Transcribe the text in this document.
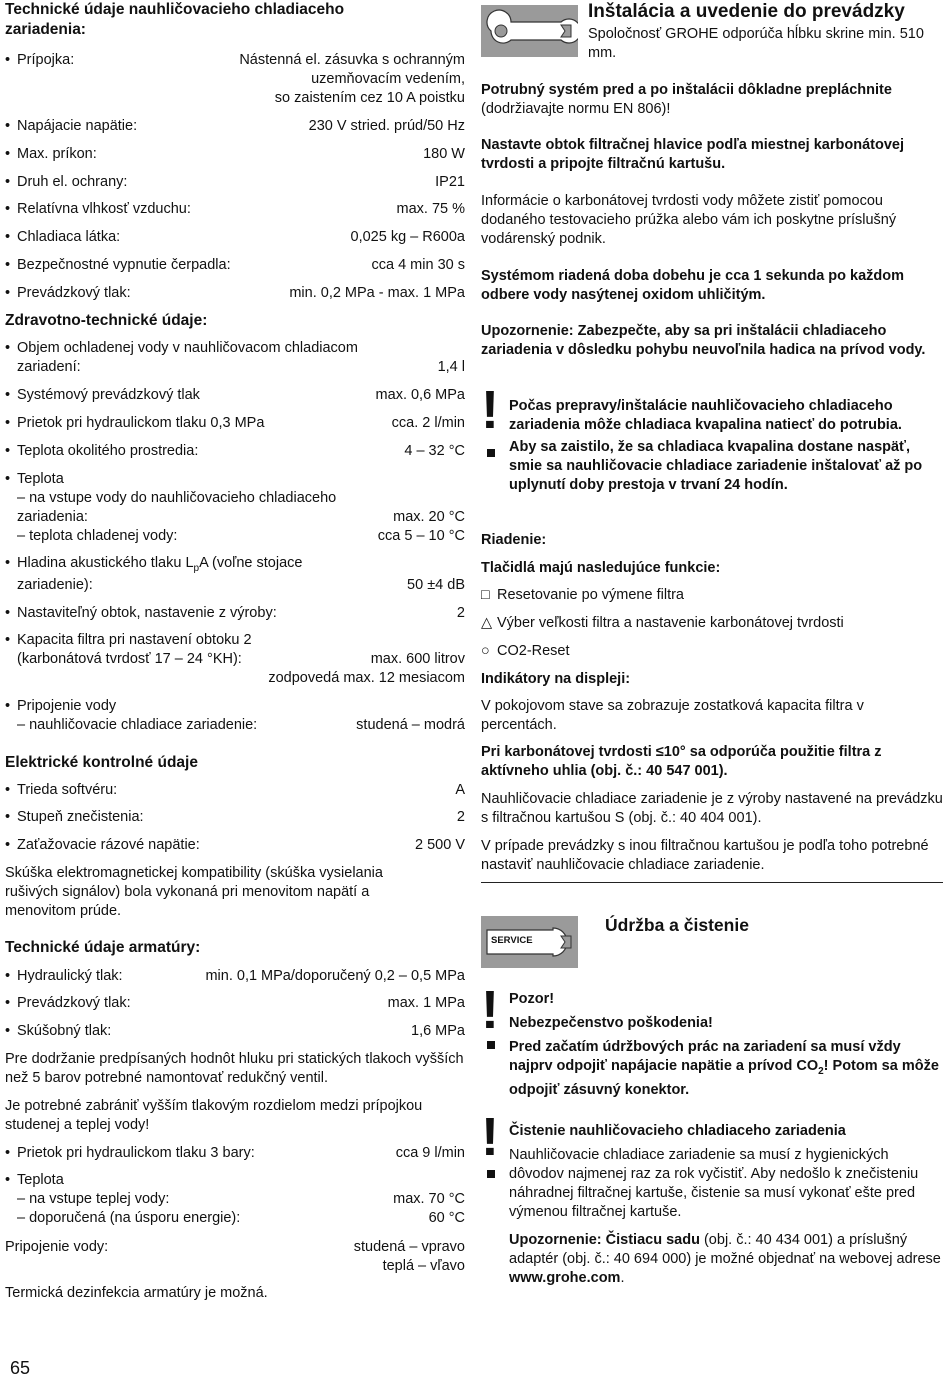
Technické údaje nauhličovacieho chladiaceho zariadenia:
• Prípojka:	Nástenná el. zásuvka s ochranným
uzemňovacím vedením,
so zaistením cez 10 A poistku
• Napájacie napätie:	230 V stried. prúd/50 Hz
• Max. príkon:	180 W
• Druh el. ochrany:	IP21
• Relatívna vlhkosť vzduchu:	max. 75 %
• Chladiaca látka:	0,025 kg – R600a
• Bezpečnostné vypnutie čerpadla:	cca 4 min 30 s
• Prevádzkový tlak:	min. 0,2 MPa - max. 1 MPa
Zdravotno-technické údaje:
• Objem ochladenej vody v nauhličovacom chladiacom
zariadení:	1,4 l
• Systémový prevádzkový tlak	max. 0,6 MPa
• Prietok pri hydraulickom tlaku 0,3 MPa	cca. 2 l/min
• Teplota okolitého prostredia:	4 – 32 °C
• Teplota
– na vstupe vody do nauhličovacieho chladiaceho
zariadenia:	max. 20 °C
– teplota chladenej vody:	cca 5 – 10 °C
• Hladina akustického tlaku $L_pA$ (voľne stojace
zariadenie):	50 ±4 dB
• Nastaviteľný obtok, nastavenie z výroby:	2
• Kapacita filtra pri nastavení obtoku 2
(karbonátová tvrdosť 17 – 24 °KH):	max. 600 litrov
zodpovedá max. 12 mesiacom
• Pripojenie vody
– nauhličovacie chladiace zariadenie:	studená – modrá
Elektrické kontrolné údaje
• Trieda softvéru:	A
• Stupeň znečistenia:	2
• Zaťažovacie rázové napätie:	2 500 V

Skúška elektromagnetickej kompatibility (skúška vysielania rušivých signálov) bola vykonaná pri menovitom napätí a menovitom prúde.

Technické údaje armatúry:
• Hydraulický tlak:	min. 0,1 MPa/doporučený 0,2 – 0,5 MPa
• Prevádzkový tlak:	max. 1 MPa
• Skúšobný tlak:	1,6 MPa

Pre dodržanie predpísaných hodnôt hluku pri statických tlakoch vyšších než 5 barov potrebné namontovať redukčný ventil.

Je potrebné zabrániť vyšším tlakovým rozdielom medzi prípojkou studenej a teplej vody!

• Prietok pri hydraulickom tlaku 3 bary:	cca 9 l/min
• Teplota
– na vstupe teplej vody:	max. 70 °C
– doporučená (na úsporu energie):	60 °C
Pripojenie vody:	studená – vpravo
teplá – vľavo

Termická dezinfekcia armatúry je možná.

65
Inštalácia a uvedenie do prevádzky

Spoločnosť GROHE odporúča hĺbku skrine min. 510 mm.

Potrubný systém pred a po inštalácii dôkladne prepláchnite
(dodržiavajte normu EN 806)!

Nastavte obtok filtračnej hlavice podľa miestnej karbonátovej tvrdosti a pripojte filtračnú kartušu.

Informácie o karbonátovej tvrdosti vody môžete zistiť pomocou dodaného testovacieho prúžka alebo vám ich poskytne príslušný vodárenský podnik.

Systémom riadená doba dobehu je cca 1 sekunda po každom odbere vody nasýtenej oxidom uhličitým.

Upozornenie: Zabezpečte, aby sa pri inštalácii chladiaceho zariadenia v dôsledku pohybu neuvoľnila hadica na prívod vody.

! Počas prepravy/inštalácie nauhličovacieho chladiaceho zariadenia môže chladiaca kvapalina natiecť do potrubia.

Aby sa zaistilo, že sa chladiaca kvapalina dostane naspäť, smie sa nauhličovacie chladiace zariadenie inštalovať až po uplynutí doby prestoja v trvaní 24 hodín.

Riadenie:
Tlačidlá majú nasledujúce funkcie:
□ Resetovanie po výmene filtra
△ Výber veľkosti filtra a nastavenie karbonátovej tvrdosti
○ CO2-Reset
Indikátory na displeji:

V pokojovom stave sa zobrazuje zostatková kapacita filtra v percentách.

Pri karbonátovej tvrdosti ≤10° sa odporúča použitie filtra z aktívneho uhlia (obj. č.: 40 547 001).

Nauhličovacie chladiace zariadenie je z výroby nastavené na prevádzku s filtračnou kartušou S (obj. č.: 40 404 001).

V prípade prevádzky s inou filtračnou kartušou je podľa toho potrebné nastaviť nauhličovacie chladiace zariadenie.

SERVICE
Údržba a čistenie
! Pozor!

Nebezpečenstvo poškodenia!

Pred začatím údržbových prác na zariadení sa musí vždy najprv odpojiť napájacie napätie a prívod $CO_2$! Potom sa môže odpojiť zásuvný konektor.

! Čistenie nauhličovacieho chladiaceho zariadenia

Nauhličovacie chladiace zariadenie sa musí z hygienických dôvodov najmenej raz za rok vyčistiť. Aby nedošlo k znečisteniu náhradnej filtračnej kartuše, čistenie sa musí vykonať ešte pred výmenou filtračnej kartuše.

Upozornenie: Čistiacu sadu (obj. č.: 40 434 001) a príslušný adaptér (obj. č.: 40 694 000) je možné objednať na webovej adrese www.grohe.com.
